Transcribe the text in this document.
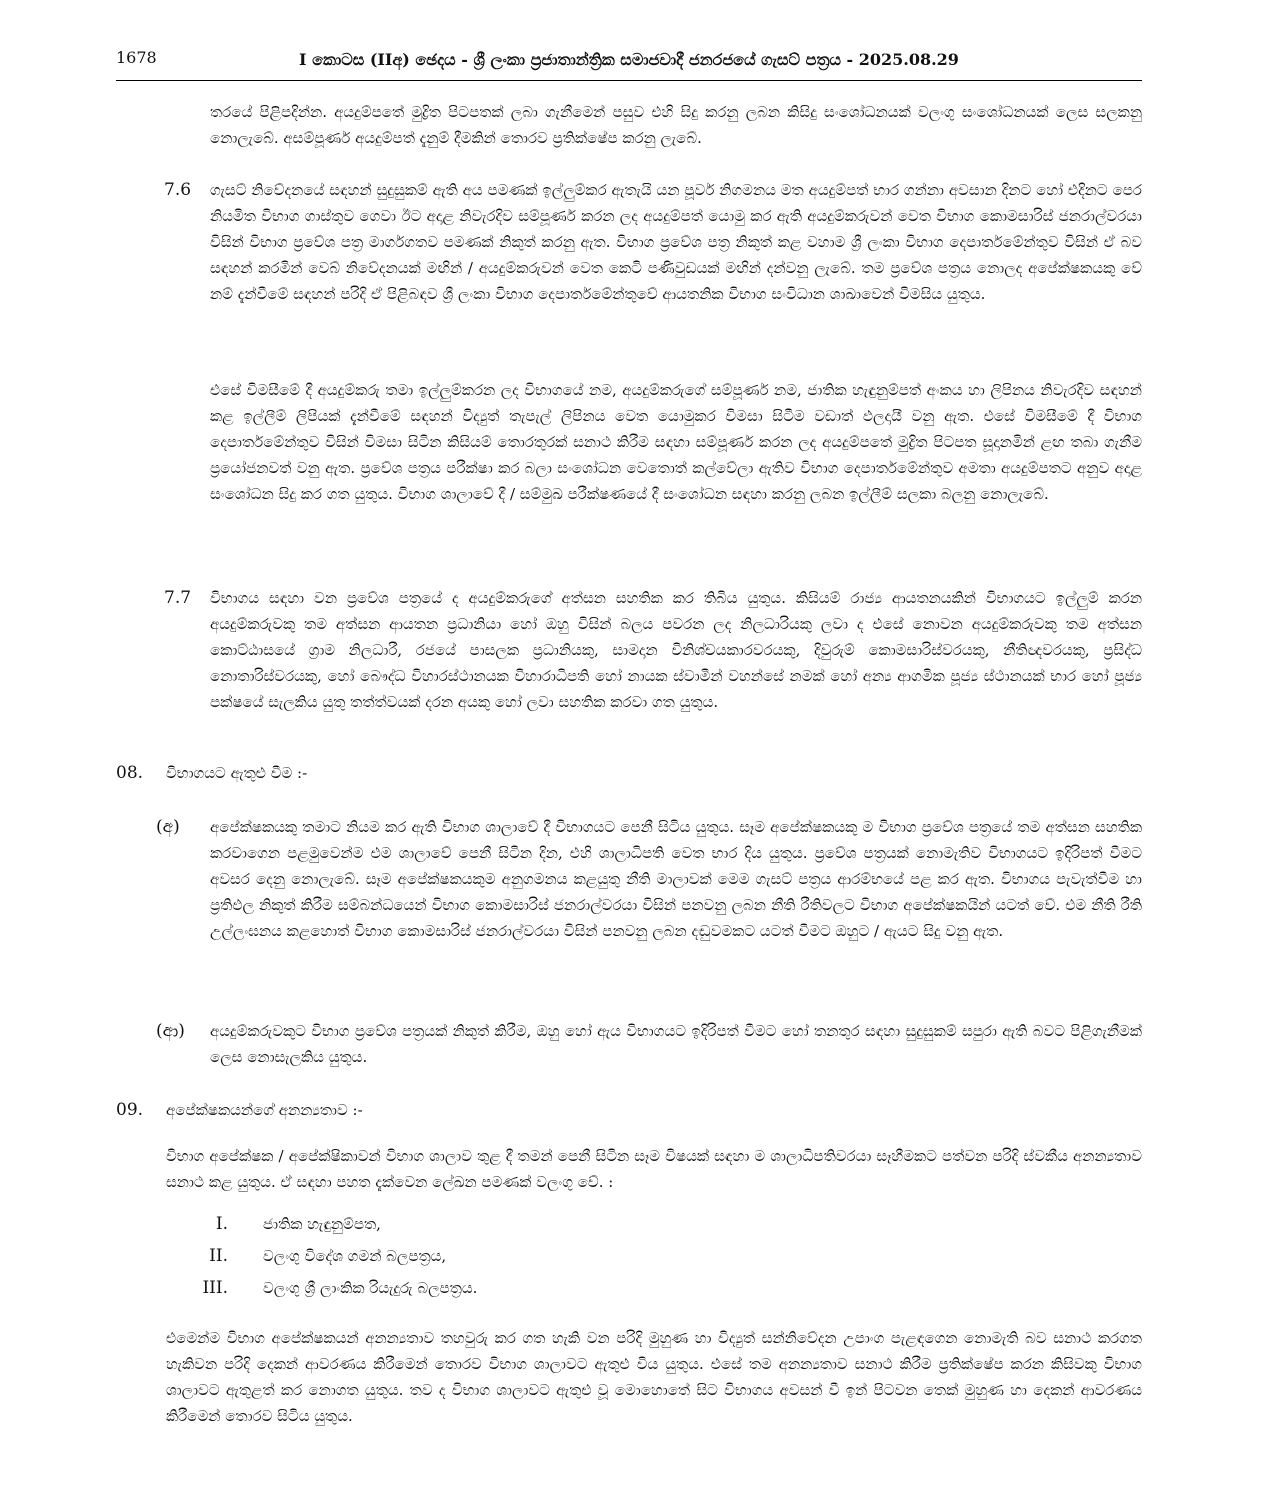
1678	I කොටස (IIඅ) ඡෙදය - ශ්‍රී ලංකා ප්‍රජාතාන්ත්‍රික සමාජවාදී ජනරජයේ ගැසට් පත්‍රය - 2025.08.29

තරයේ පිළිපදින්න. අයදුම්පතේ මුද්‍රිත පිටපතක් ලබා ගැනීමෙන් පසුව එහි සිදු කරනු ලබන කිසිදු සංශෝධනයක් වලංගු සංශෝධනයක් ලෙස සලකනු නොලැබේ. අසම්පූර්ණ අයදුම්පත් දැනුම් දීමකින් තොරව ප්‍රතික්ෂේප කරනු ලැබේ.

7.6 ගැසට් නිවේදනයේ සඳහන් සුදුසුකම් ඇති අය පමණක් ඉල්ලුම්කර ඇතැයි යන පූර්ව නිගමනය මත අයදුම්පත් භාර ගන්නා අවසාන දිනට හෝ එදිනට පෙර නියමිත විභාග ගාස්තුව ගෙවා ඊට අදාළ නිවැරදිව සම්පූර්ණ කරන ලද අයදුම්පත් යොමු කර ඇති අයදුම්කරුවන් වෙත විභාග කොමසාරිස් ජනරාල්වරයා විසින් විභාග ප්‍රවේශ පත්‍ර මාර්ගගතව පමණක් නිකුත් කරනු ඇත. විභාග ප්‍රවේශ පත්‍ර නිකුත් කළ වහාම ශ්‍රී ලංකා විභාග දෙපාර්තමේන්තුව විසින් ඒ බව සඳහන් කරමින් වෙබ් නිවේදනයක් මඟින් / අයදුම්කරුවන් වෙත කෙටි පණිවුඩයක් මඟින් දන්වනු ලැබේ. තම ප්‍රවේශ පත්‍රය නොලද අපේක්ෂකයකු වේ නම් දැන්වීමේ සඳහන් පරිදි ඒ පිළිබඳව ශ්‍රී ලංකා විභාග දෙපාර්තමේන්තුවේ ආයතනික විභාග සංවිධාන ශාඛාවෙන් විමසිය යුතුය.

එසේ විමසීමේ දී අයදුම්කරු තමා ඉල්ලුම්කරන ලද විභාගයේ නම, අයදුම්කරුගේ සම්පූර්ණ නම, ජාතික හැඳුනුම්පත් අංකය හා ලිපිනය නිවැරදිව සඳහන් කළ ඉල්ලීම් ලිපියක් දැන්වීමේ සඳහන් විද්‍යුත් තැපැල් ලිපිනය වෙත යොමුකර විමසා සිටීම වඩාත් ඵලදායී වනු ඇත. එසේ විමසීමේ දී විභාග දෙපාර්තමේන්තුව විසින් විමසා සිටින කිසියම් තොරතුරක් සනාථ කිරීම සඳහා සම්පූර්ණ කරන ලද අයදුම්පතේ මුද්‍රිත පිටපත සූදානමින් ළඟ තබා ගැනීම ප්‍රයෝජනවත් වනු ඇත. ප්‍රවේශ පත්‍රය පරීක්ෂා කර බලා සංශෝධන වෙතොත් කල්වේලා ඇතිව විභාග දෙපාර්තමේන්තුව අමතා අයදුම්පතට අනුව අදාළ සංශෝධන සිදු කර ගත යුතුය. විභාග ශාලාවේ දී / සම්මුඛ පරීක්ෂණයේ දී සංශෝධන සඳහා කරනු ලබන ඉල්ලීම් සලකා බලනු නොලැබේ.

7.7 විභාගය සඳහා වන ප්‍රවේශ පත්‍රයේ ද අයදුම්කරුගේ අත්සන සහතික කර තිබිය යුතුය. කිසියම් රාජ්‍ය ආයතනයකින් විභාගයට ඉල්ලුම් කරන අයදුම්කරුවකු තම අත්සන ආයතන ප්‍රධානියා හෝ ඔහු විසින් බලය පවරන ලද නිලධාරියකු ලවා ද එසේ නොවන අයදුම්කරුවකු තම අත්සන කොට්ඨාසයේ ග්‍රාම නිලධාරී, රජයේ පාසලක ප්‍රධානියකු, සාමදාන විනිශ්චයකාරවරයකු, දිවුරුම් කොමසාරිස්වරයකු, නීතිඥවරයකු, ප්‍රසිද්ධ නොතාරිස්වරයකු, හෝ බෞද්ධ විහාරස්ථානයක විහාරාධිපති හෝ නායක ස්වාමීන් වහන්සේ නමක් හෝ අන්‍ය ආගමික පූජ්‍ය ස්ථානයක් භාර හෝ පූජ්‍ය පක්ෂයේ සැලකිය යුතු තත්ත්වයක් දරන අයකු හෝ ලවා සහතික කරවා ගත යුතුය.

08. විභාගයට ඇතුළු වීම :-
(අ) අපේක්ෂකයකු තමාට නියම කර ඇති විභාග ශාලාවේ දී විභාගයට පෙනී සිටිය යුතුය. සෑම අපේක්ෂකයකු ම විභාග ප්‍රවේශ පත්‍රයේ තම අත්සන සහතික කරවාගෙන පළමුවෙන්ම එම ශාලාවේ පෙනී සිටින දින, එහි ශාලාධිපති වෙත භාර දිය යුතුය. ප්‍රවේශ පත්‍රයක් නොමැතිව විභාගයට ඉදිරිපත් වීමට අවසර දෙනු නොලැබේ. සෑම අපේක්ෂකයකුම අනුගමනය කළයුතු නීති මාලාවක් මෙම ගැසට් පත්‍රය ආරම්භයේ පළ කර ඇත. විභාගය පැවැත්වීම හා ප්‍රතිඵල නිකුත් කිරීම සම්බන්ධයෙන් විභාග කොමසාරිස් ජනරාල්වරයා විසින් පනවනු ලබන නීති රීතිවලට විභාග අපේක්ෂකයින් යටත් වේ. එම නීති රීති උල්ලංඝනය කළහොත් විභාග කොමසාරිස් ජනරාල්වරයා විසින් පනවනු ලබන දඬුවමකට යටත් වීමට ඔහුට / ඇයට සිදු වනු ඇත.

(ආ) අයදුම්කරුවකුට විභාග ප්‍රවේශ පත්‍රයක් නිකුත් කිරීම, ඔහු හෝ ඇය විභාගයට ඉදිරිපත් වීමට හෝ තනතුර සඳහා සුදුසුකම් සපුරා ඇති බවට පිළිගැනීමක් ලෙස නොසැලකිය යුතුය.

09. අපේක්ෂකයන්ගේ අනන්‍යතාව :-

විභාග අපේක්ෂක / අපේක්ෂිකාවන් විභාග ශාලාව තුළ දී තමන් පෙනී සිටින සෑම විෂයක් සඳහා ම ශාලාධිපතිවරයා සෑහීමකට පත්වන පරිදි ස්වකීය අනන්‍යතාව සනාථ කළ යුතුය. ඒ සඳහා පහත දැක්වෙන ලේඛන පමණක් වලංගු වේ. :

I. ජාතික හැඳුනුම්පත,
II. වලංගු විදේශ ගමන් බලපත්‍රය,
III. වලංගු ශ්‍රී ලාංකික රියැදුරු බලපත්‍රය.

එමෙන්ම විභාග අපේක්ෂකයන් අනන්‍යතාව තහවුරු කර ගත හැකි වන පරිදි මුහුණ හා විද්‍යුත් සන්නිවේදන උපාංග පැළඳගෙන නොමැති බව සනාථ කරගත හැකිවන පරිදි දෙකන් ආවරණය කිරීමෙන් තොරව විභාග ශාලාවට ඇතුළු විය යුතුය. එසේ තම අනන්‍යතාව සනාථ කිරීම ප්‍රතික්ෂේප කරන කිසිවකු විභාග ශාලාවට ඇතුළත් කර නොගත යුතුය. තව ද විභාග ශාලාවට ඇතුළු වූ මොහොතේ සිට විභාගය අවසන් වී ඉන් පිටවන තෙක් මුහුණ හා දෙකන් ආවරණය කිරීමෙන් තොරව සිටිය යුතුය.
